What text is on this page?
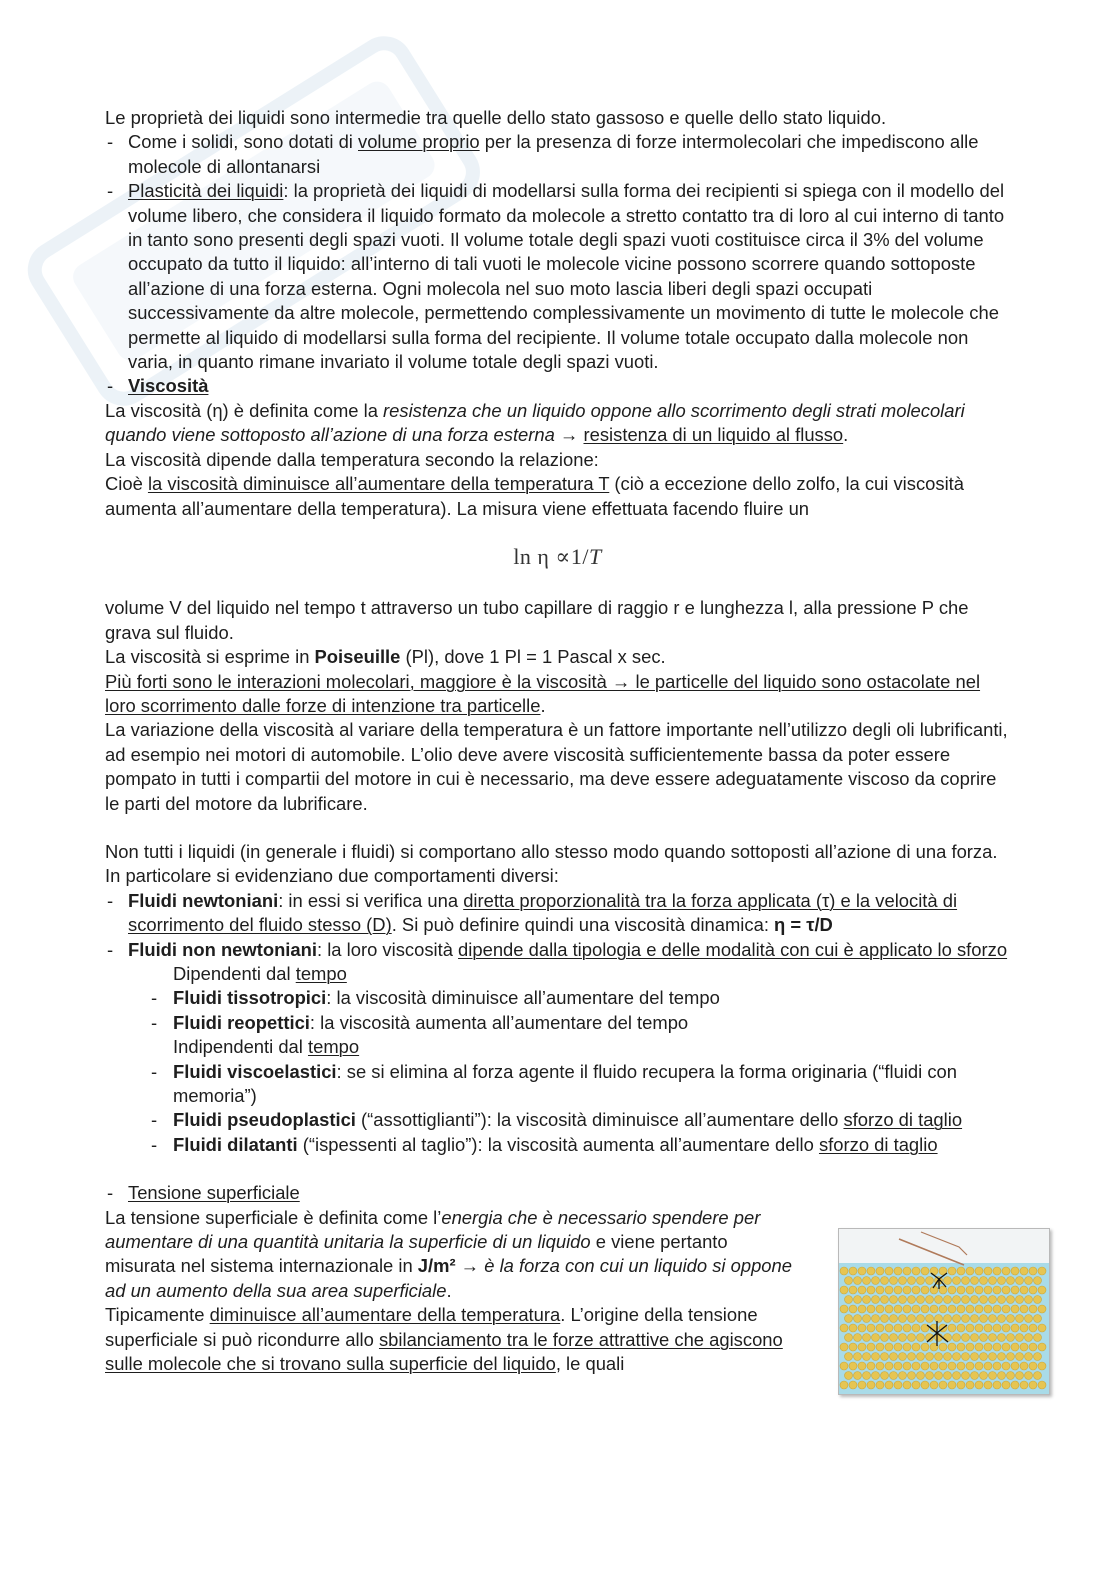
Le proprietà dei liquidi sono intermedie tra quelle dello stato gassoso e quelle dello stato liquido.

- Come i solidi, sono dotati di volume proprio per la presenza di forze intermolecolari che impediscono alle molecole di allontanarsi
- Plasticità dei liquidi: la proprietà dei liquidi di modellarsi sulla forma dei recipienti si spiega con il modello del volume libero, che considera il liquido formato da molecole a stretto contatto tra di loro al cui interno di tanto in tanto sono presenti degli spazi vuoti. Il volume totale degli spazi vuoti costituisce circa il 3% del volume occupato da tutto il liquido: all’interno di tali vuoti le molecole vicine possono scorrere quando sottoposte all’azione di una forza esterna. Ogni molecola nel suo moto lascia liberi degli spazi occupati successivamente da altre molecole, permettendo complessivamente un movimento di tutte le molecole che permette al liquido di modellarsi sulla forma del recipiente. Il volume totale occupato dalla molecole non varia, in quanto rimane invariato il volume totale degli spazi vuoti.
- Viscosità

La viscosità (η) è definita come la resistenza che un liquido oppone allo scorrimento degli strati molecolari quando viene sottoposto all’azione di una forza esterna → resistenza di un liquido al flusso.

La viscosità dipende dalla temperatura secondo la relazione:

Cioè la viscosità diminuisce all’aumentare della temperatura T (ciò a eccezione dello zolfo, la cui viscosità aumenta all’aumentare della temperatura). La misura viene effettuata facendo fluire un

ln η ∝1/T

volume V del liquido nel tempo t attraverso un tubo capillare di raggio r e lunghezza l, alla pressione P che grava sul fluido.

La viscosità si esprime in Poiseuille (Pl), dove 1 Pl = 1 Pascal x sec.

Più forti sono le interazioni molecolari, maggiore è la viscosità → le particelle del liquido sono ostacolate nel loro scorrimento dalle forze di intenzione tra particelle.

La variazione della viscosità al variare della temperatura è un fattore importante nell’utilizzo degli oli lubrificanti, ad esempio nei motori di automobile. L’olio deve avere viscosità sufficientemente bassa da poter essere pompato in tutti i compartii del motore in cui è necessario, ma deve essere adeguatamente viscoso da coprire le parti del motore da lubrificare.

Non tutti i liquidi (in generale i fluidi) si comportano allo stesso modo quando sottoposti all’azione di una forza. In particolare si evidenziano due comportamenti diversi:

- Fluidi newtoniani: in essi si verifica una diretta proporzionalità tra la forza applicata (τ) e la velocità di scorrimento del fluido stesso (D). Si può definire quindi una viscosità dinamica: η = τ/D
- Fluidi non newtoniani: la loro viscosità dipende dalla tipologia e delle modalità con cui è applicato lo sforzo
Dipendenti dal tempo
- Fluidi tissotropici: la viscosità diminuisce all’aumentare del tempo
- Fluidi reopettici: la viscosità aumenta all’aumentare del tempo
Indipendenti dal tempo
- Fluidi viscoelastici: se si elimina al forza agente il fluido recupera la forma originaria (“fluidi con memoria”)
- Fluidi pseudoplastici (“assottiglianti”): la viscosità diminuisce all’aumentare dello sforzo di taglio
- Fluidi dilatanti (“ispessenti al taglio”): la viscosità aumenta all’aumentare dello sforzo di taglio
- Tensione superficiale

La tensione superficiale è definita come l’energia che è necessario spendere per aumentare di una quantità unitaria la superficie di un liquido e viene pertanto misurata nel sistema internazionale in J/m² → è la forza con cui un liquido si oppone ad un aumento della sua area superficiale.

Tipicamente diminuisce all’aumentare della temperatura. L’origine della tensione superficiale si può ricondurre allo sbilanciamento tra le forze attrattive che agiscono sulle molecole che si trovano sulla superficie del liquido, le quali
